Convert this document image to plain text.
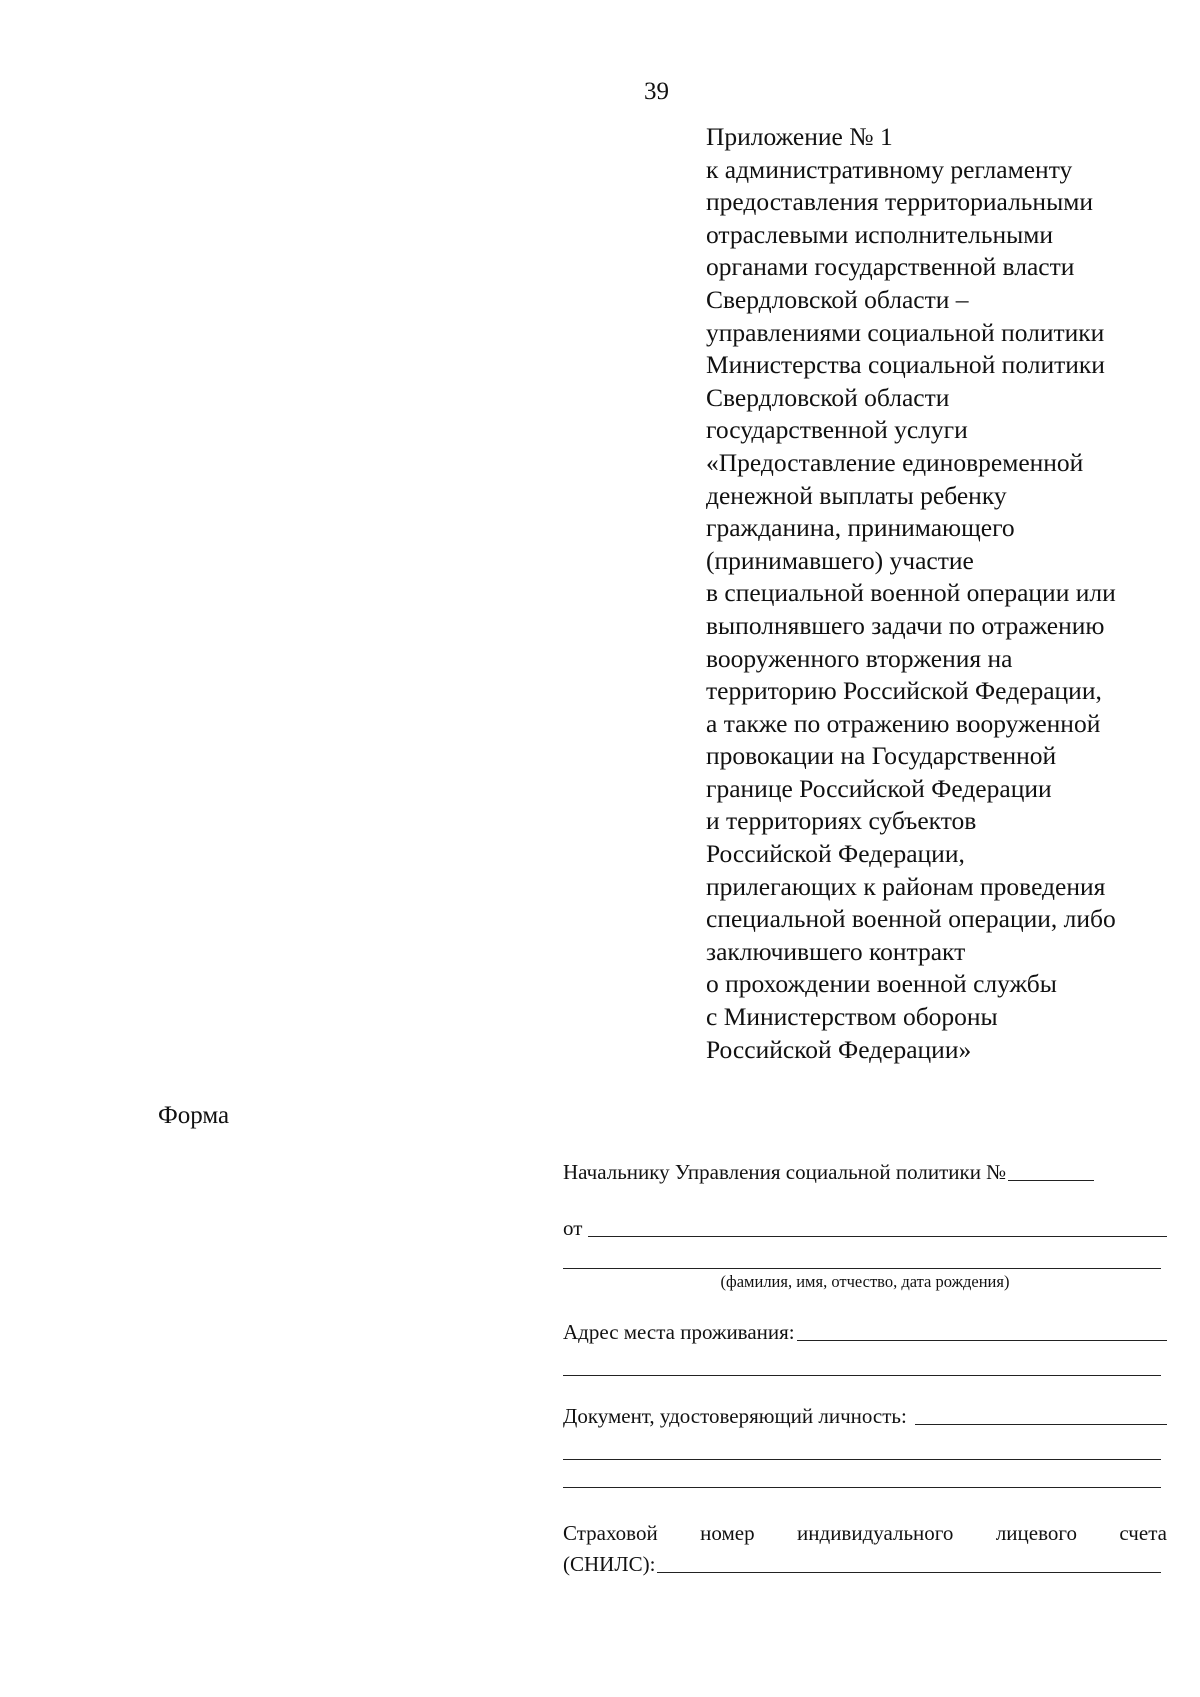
39
Приложение № 1
к административному регламенту
предоставления территориальными
отраслевыми исполнительными
органами государственной власти
Свердловской области –
управлениями социальной политики
Министерства социальной политики
Свердловской области
государственной услуги
«Предоставление единовременной
денежной выплаты ребенку
гражданина, принимающего
(принимавшего) участие
в специальной военной операции или
выполнявшего задачи по отражению
вооруженного вторжения на
территорию Российской Федерации,
а также по отражению вооруженной
провокации на Государственной
границе Российской Федерации
и территориях субъектов
Российской Федерации,
прилегающих к районам проведения
специальной военной операции, либо
заключившего контракт
о прохождении военной службы
с Министерством обороны
Российской Федерации»
Форма
Начальнику Управления социальной политики №
от
(фамилия, имя, отчество, дата рождения)
Адрес места проживания:
Документ, удостоверяющий личность:
Страховой номер индивидуального лицевого счета
(СНИЛС):
